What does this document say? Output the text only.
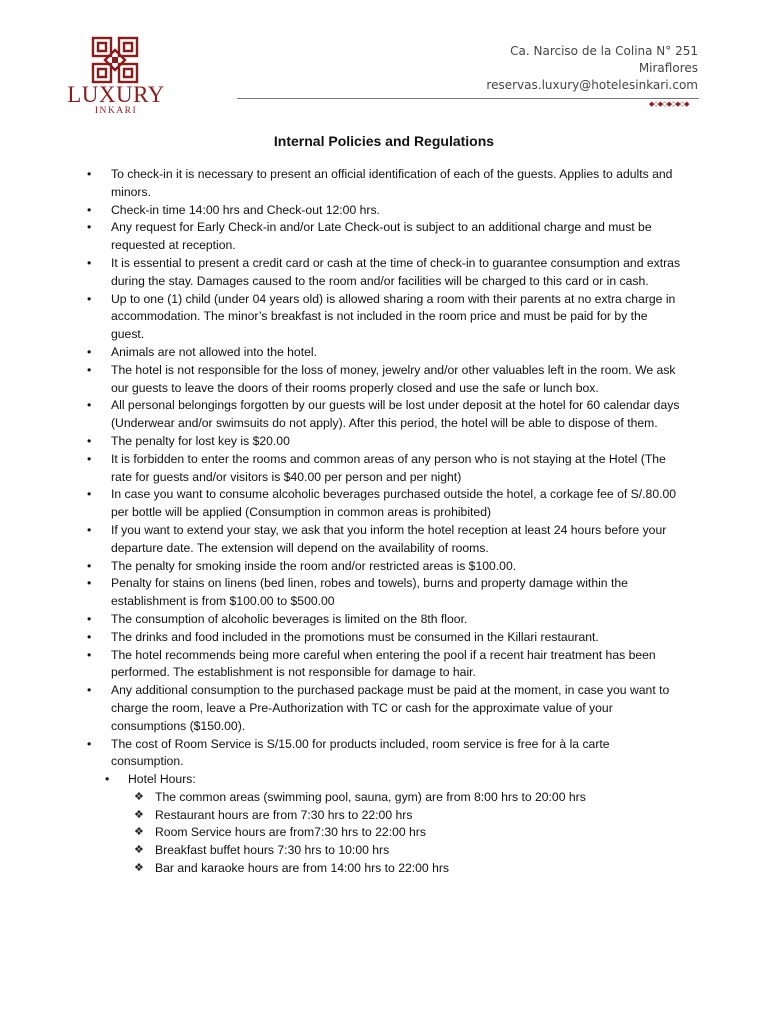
LUXURY
INKARI
Ca. Narciso de la Colina N° 251
Miraflores
reservas.luxury@hotelesinkari.com
◆◇◆◇◆◇◆◇◆
Internal Policies and Regulations
• To check-in it is necessary to present an official identification of each of the guests. Applies to adults and minors.
• Check-in time 14:00 hrs and Check-out 12:00 hrs.
• Any request for Early Check-in and/or Late Check-out is subject to an additional charge and must be requested at reception.
• It is essential to present a credit card or cash at the time of check-in to guarantee consumption and extras during the stay. Damages caused to the room and/or facilities will be charged to this card or in cash.
• Up to one (1) child (under 04 years old) is allowed sharing a room with their parents at no extra charge in accommodation. The minor’s breakfast is not included in the room price and must be paid for by the guest.
• Animals are not allowed into the hotel.
• The hotel is not responsible for the loss of money, jewelry and/or other valuables left in the room. We ask our guests to leave the doors of their rooms properly closed and use the safe or lunch box.
• All personal belongings forgotten by our guests will be lost under deposit at the hotel for 60 calendar days (Underwear and/or swimsuits do not apply). After this period, the hotel will be able to dispose of them.
• The penalty for lost key is $20.00
• It is forbidden to enter the rooms and common areas of any person who is not staying at the Hotel (The rate for guests and/or visitors is $40.00 per person and per night)
• In case you want to consume alcoholic beverages purchased outside the hotel, a corkage fee of S/.80.00 per bottle will be applied (Consumption in common areas is prohibited)
• If you want to extend your stay, we ask that you inform the hotel reception at least 24 hours before your departure date. The extension will depend on the availability of rooms.
• The penalty for smoking inside the room and/or restricted areas is $100.00.
• Penalty for stains on linens (bed linen, robes and towels), burns and property damage within the establishment is from $100.00 to $500.00
• The consumption of alcoholic beverages is limited on the 8th floor.
• The drinks and food included in the promotions must be consumed in the Killari restaurant.
• The hotel recommends being more careful when entering the pool if a recent hair treatment has been performed. The establishment is not responsible for damage to hair.
• Any additional consumption to the purchased package must be paid at the moment, in case you want to charge the room, leave a Pre-Authorization with TC or cash for the approximate value of your consumptions ($150.00).
• The cost of Room Service is S/15.00 for products included, room service is free for à la carte consumption.
• Hotel Hours:
❖ The common areas (swimming pool, sauna, gym) are from 8:00 hrs to 20:00 hrs
❖ Restaurant hours are from 7:30 hrs to 22:00 hrs
❖ Room Service hours are from7:30 hrs to 22:00 hrs
❖ Breakfast buffet hours 7:30 hrs to 10:00 hrs
❖ Bar and karaoke hours are from 14:00 hrs to 22:00 hrs
